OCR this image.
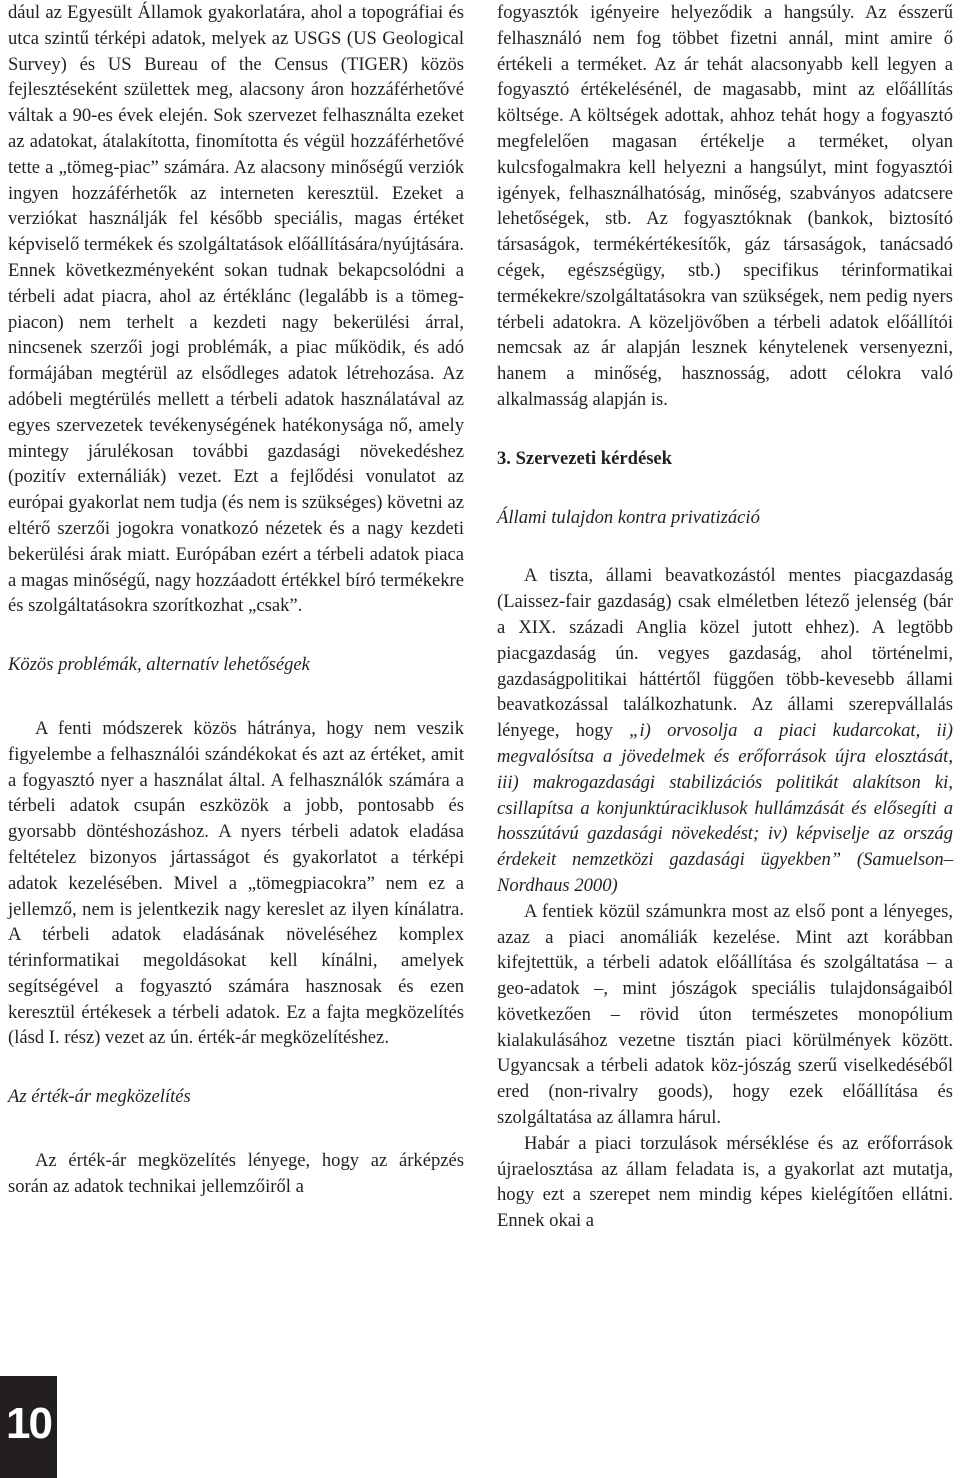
dául az Egyesült Államok gyakorlatára, ahol a topográfiai és utca szintű térképi adatok, melyek az USGS (US Geological Survey) és US Bureau of the Census (TIGER) közös fejlesztéseként születtek meg, alacsony áron hozzáférhetővé váltak a 90-es évek elején. Sok szervezet felhasználta ezeket az adatokat, átalakította, finomította és végül hozzáférhetővé tette a „tömeg-piac” számára. Az alacsony minőségű verziók ingyen hozzáférhetők az interneten keresztül. Ezeket a verziókat használják fel később speciális, magas értéket képviselő termékek és szolgáltatások előállítására/nyújtására. Ennek következményeként sokan tudnak bekapcsolódni a térbeli adat piacra, ahol az értéklánc (legalább is a tömeg-piacon) nem terhelt a kezdeti nagy bekerülési árral, nincsenek szerzői jogi problémák, a piac működik, és adó formájában megtérül az elsődleges adatok létrehozása. Az adóbeli megtérülés mellett a térbeli adatok használatával az egyes szervezetek tevékenységének hatékonysága nő, amely mintegy járulékosan további gazdasági növekedéshez (pozitív externáliák) vezet. Ezt a fejlődési vonulatot az európai gyakorlat nem tudja (és nem is szükséges) követni az eltérő szerzői jogokra vonatkozó nézetek és a nagy kezdeti bekerülési árak miatt. Európában ezért a térbeli adatok piaca a magas minőségű, nagy hozzáadott értékkel bíró termékekre és szolgáltatásokra szorítkozhat „csak”.

Közös problémák, alternatív lehetőségek

A fenti módszerek közös hátránya, hogy nem veszik figyelembe a felhasználói szándékokat és azt az értéket, amit a fogyasztó nyer a használat által. A felhasználók számára a térbeli adatok csupán eszközök a jobb, pontosabb és gyorsabb döntéshozáshoz. A nyers térbeli adatok eladása feltételez bizonyos jártasságot és gyakorlatot a térképi adatok kezelésében. Mivel a „tömegpiacokra” nem ez a jellemző, nem is jelentkezik nagy kereslet az ilyen kínálatra. A térbeli adatok eladásának növeléséhez komplex térinformatikai megoldásokat kell kínálni, amelyek segítségével a fogyasztó számára hasznosak és ezen keresztül értékesek a térbeli adatok. Ez a fajta megközelítés (lásd I. rész) vezet az ún. érték-ár megközelítéshez.

Az érték-ár megközelítés

Az érték-ár megközelítés lényege, hogy az árképzés során az adatok technikai jellemzőiről a

fogyasztók igényeire helyeződik a hangsúly. Az ésszerű felhasználó nem fog többet fizetni annál, mint amire ő értékeli a terméket. Az ár tehát alacsonyabb kell legyen a fogyasztó értékelésénél, de magasabb, mint az előállítás költsége. A költségek adottak, ahhoz tehát hogy a fogyasztó megfelelően magasan értékelje a terméket, olyan kulcsfogalmakra kell helyezni a hangsúlyt, mint fogyasztói igények, felhasználhatóság, minőség, szabványos adatcsere lehetőségek, stb. Az fogyasztóknak (bankok, biztosító társaságok, termékértékesítők, gáz társaságok, tanácsadó cégek, egészségügy, stb.) specifikus térinformatikai termékekre/szolgáltatásokra van szükségek, nem pedig nyers térbeli adatokra. A közeljövőben a térbeli adatok előállítói nemcsak az ár alapján lesznek kénytelenek versenyezni, hanem a minőség, hasznosság, adott célokra való alkalmasság alapján is.

3. Szervezeti kérdések
Állami tulajdon kontra privatizáció

A tiszta, állami beavatkozástól mentes piacgazdaság (Laissez-fair gazdaság) csak elméletben létező jelenség (bár a XIX. századi Anglia közel jutott ehhez). A legtöbb piacgazdaság ún. vegyes gazdaság, ahol történelmi, gazdaságpolitikai háttértől függően több-kevesebb állami beavatkozással találkozhatunk. Az állami szerepvállalás lényege, hogy „i) orvosolja a piaci kudarcokat, ii) megvalósítsa a jövedelmek és erőforrások újra elosztását, iii) makrogazdasági stabilizációs politikát alakítson ki, csillapítsa a konjunktúraciklusok hullámzását és elősegíti a hosszútávú gazdasági növekedést; iv) képviselje az ország érdekeit nemzetközi gazdasági ügyekben” (Samuelson–Nordhaus 2000)

A fentiek közül számunkra most az első pont a lényeges, azaz a piaci anomáliák kezelése. Mint azt korábban kifejtettük, a térbeli adatok előállítása és szolgáltatása – a geo-adatok –, mint jószágok speciális tulajdonságaiból következően – rövid úton természetes monopólium kialakulásához vezetne tisztán piaci körülmények között. Ugyancsak a térbeli adatok köz-jószág szerű viselkedéséből ered (non-rivalry goods), hogy ezek előállítása és szolgáltatása az államra hárul.

Habár a piaci torzulások mérséklése és az erőforrások újraelosztása az állam feladata is, a gyakorlat azt mutatja, hogy ezt a szerepet nem mindig képes kielégítően ellátni. Ennek okai a

10
